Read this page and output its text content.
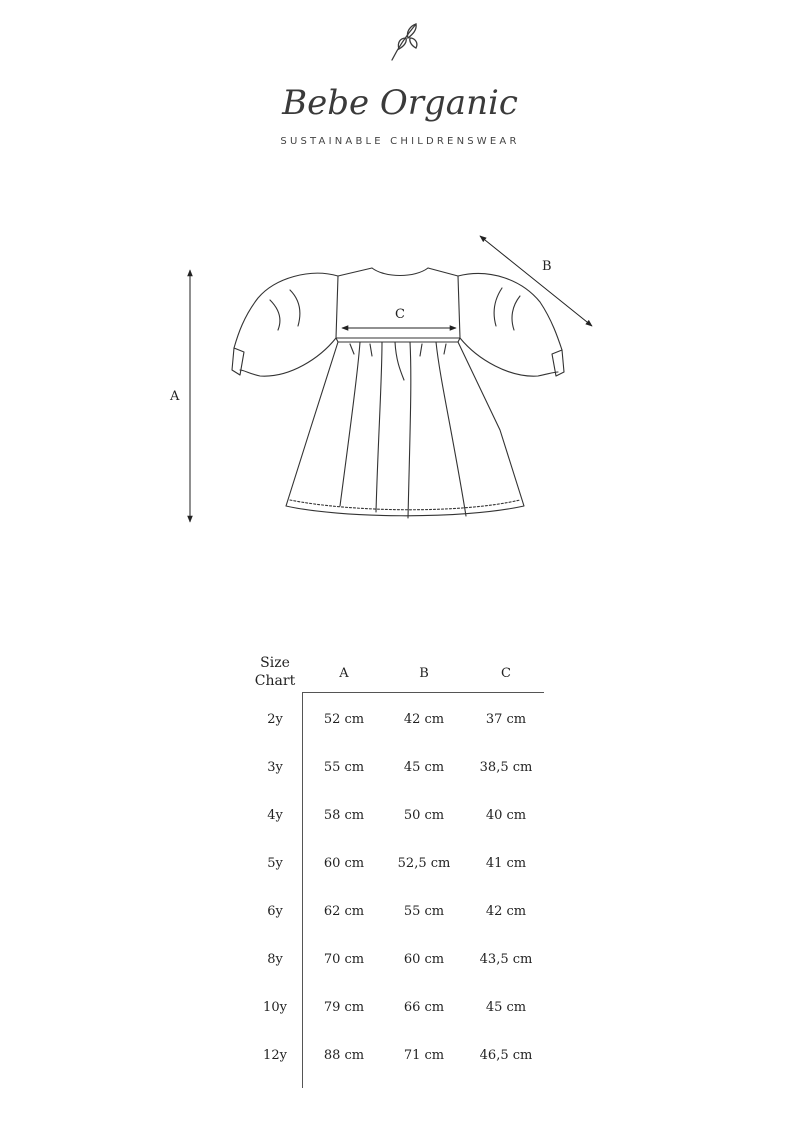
Bebe Organic
SUSTAINABLE CHILDRENSWEAR
A
B
C
Size
Chart	A	B	C
2y	52 cm	42 cm	37 cm
3y	55 cm	45 cm	38,5 cm
4y	58 cm	50 cm	40 cm
5y	60 cm	52,5 cm	41 cm
6y	62 cm	55 cm	42 cm
8y	70 cm	60 cm	43,5 cm
10y	79 cm	66 cm	45 cm
12y	88 cm	71 cm	46,5 cm
